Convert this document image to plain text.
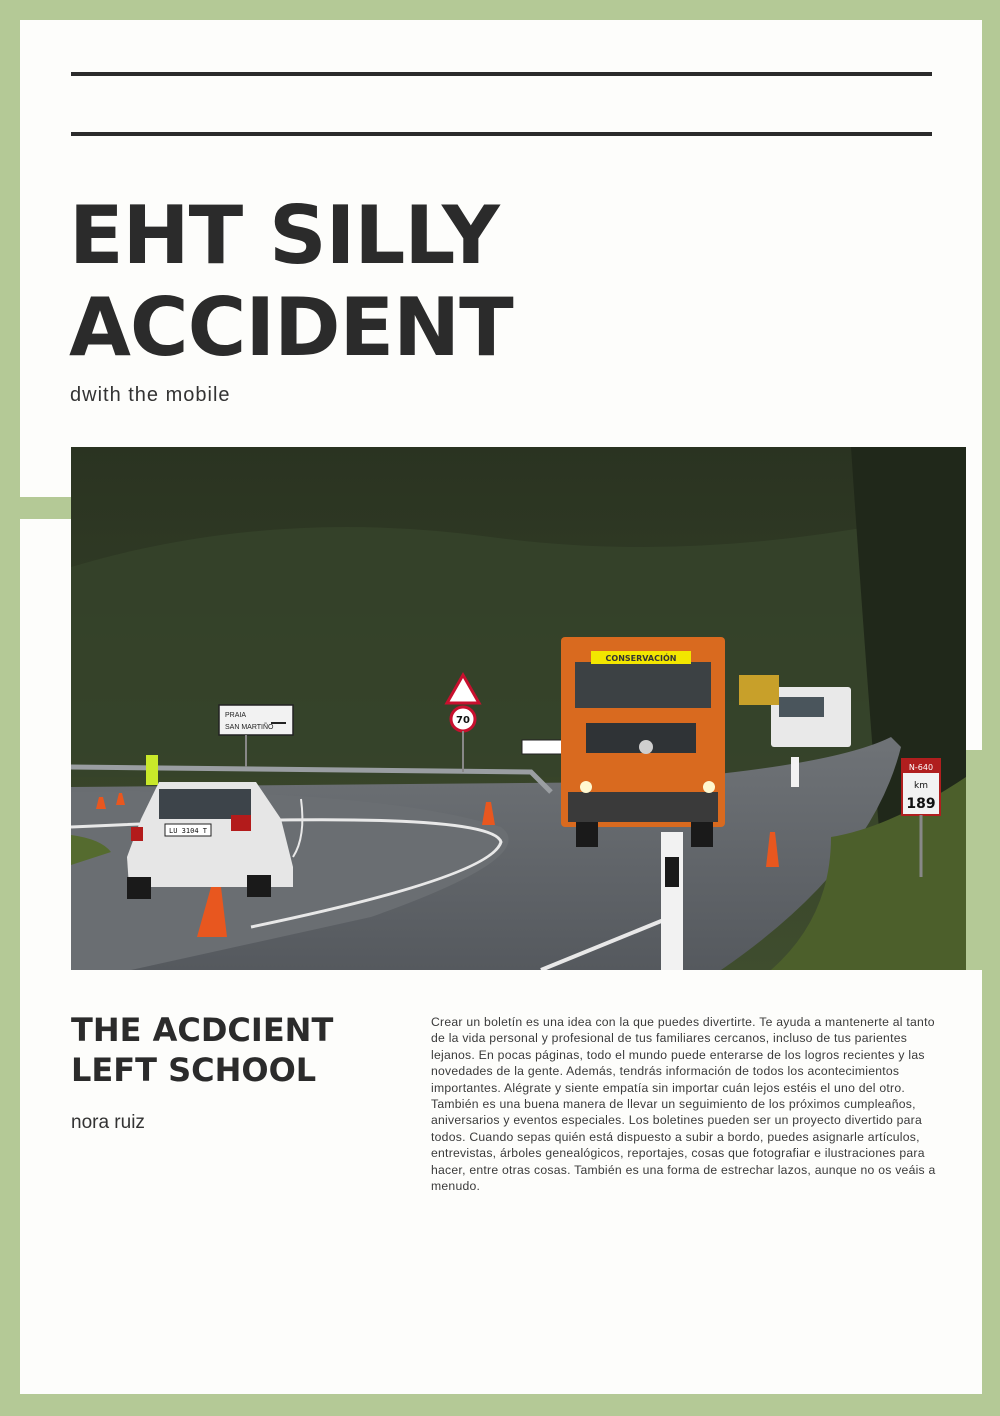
EHT SILLY
ACCIDENT
dwith the mobile
PRAIA
SAN MARTIÑO
70
CONSERVACIÓN
LU 3104 T
N-640
km
189
THE ACDCIENT
LEFT SCHOOL
nora ruiz

Crear un boletín es una idea con la que puedes divertirte. Te ayuda a mantenerte al tanto de la vida personal y profesional de tus familiares cercanos, incluso de tus parientes lejanos. En pocas páginas, todo el mundo puede enterarse de los logros recientes y las novedades de la gente. Además, tendrás información de todos los acontecimientos importantes. Alégrate y siente empatía sin importar cuán lejos estéis el uno del otro. También es una buena manera de llevar un seguimiento de los próximos cumpleaños, aniversarios y eventos especiales. Los boletines pueden ser un proyecto divertido para todos. Cuando sepas quién está dispuesto a subir a bordo, puedes asignarle artículos, entrevistas, árboles genealógicos, reportajes, cosas que fotografiar e ilustraciones para hacer, entre otras cosas. También es una forma de estrechar lazos, aunque no os veáis a menudo.
